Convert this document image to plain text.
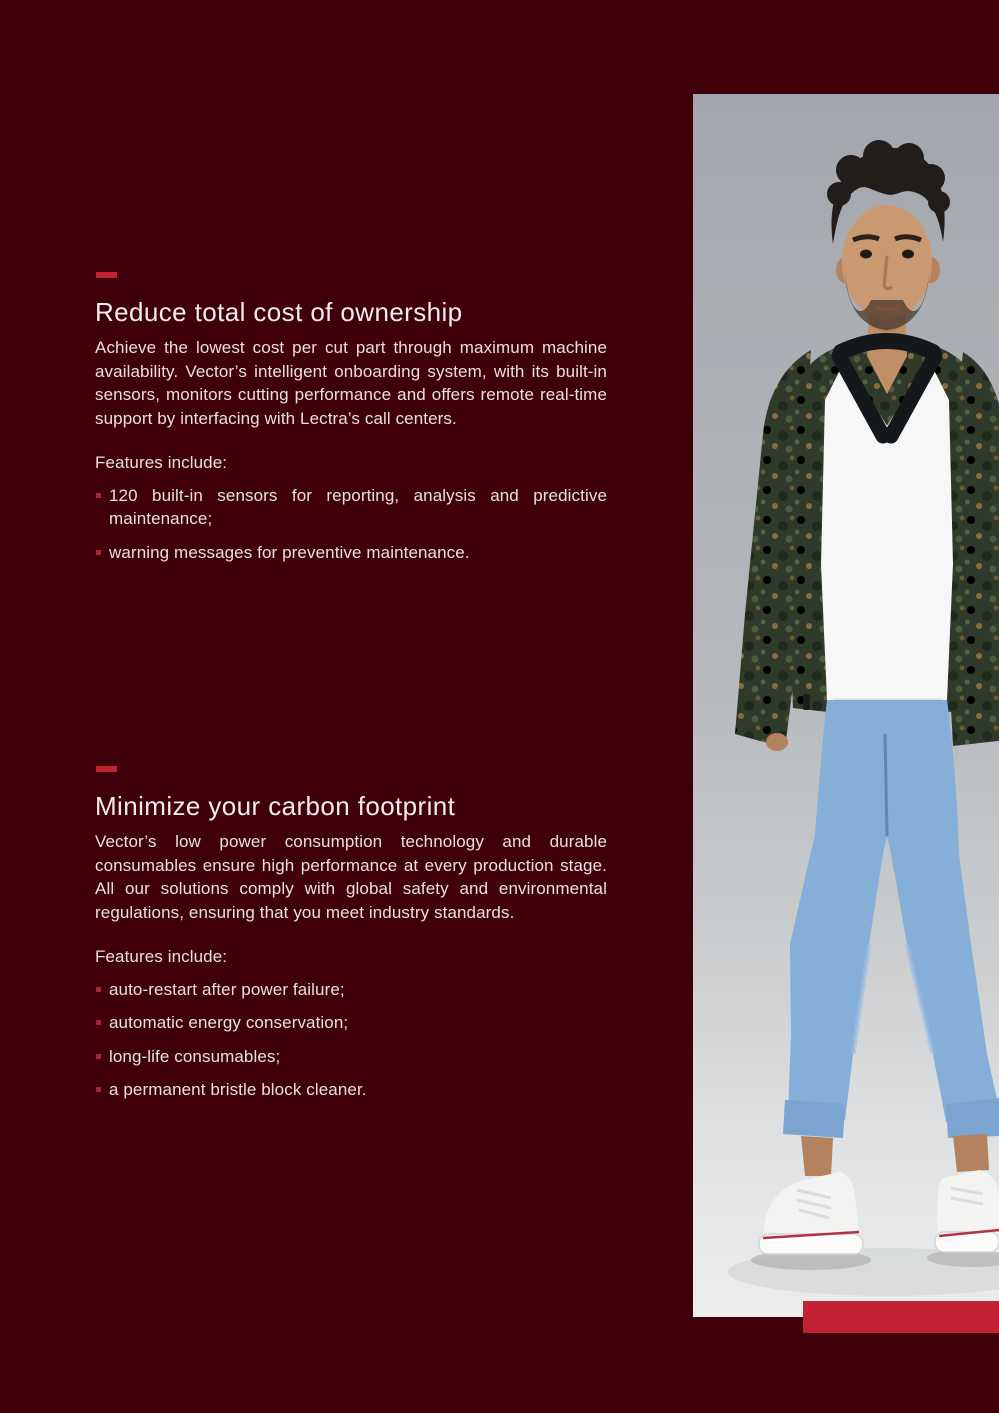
Reduce total cost of ownership

Achieve the lowest cost per cut part through maximum machine availability. Vector’s intelligent onboarding system, with its built-in sensors, monitors cutting performance and offers remote real-time support by interfacing with Lectra’s call centers.

Features include:

120 built-in sensors for reporting, analysis and predictive maintenance;
warning messages for preventive maintenance.
Minimize your carbon footprint

Vector’s low power consumption technology and durable consumables ensure high performance at every production stage. All our solutions comply with global safety and environmental regulations, ensuring that you meet industry standards.

Features include:

auto-restart after power failure;
automatic energy conservation;
long-life consumables;
a permanent bristle block cleaner.
